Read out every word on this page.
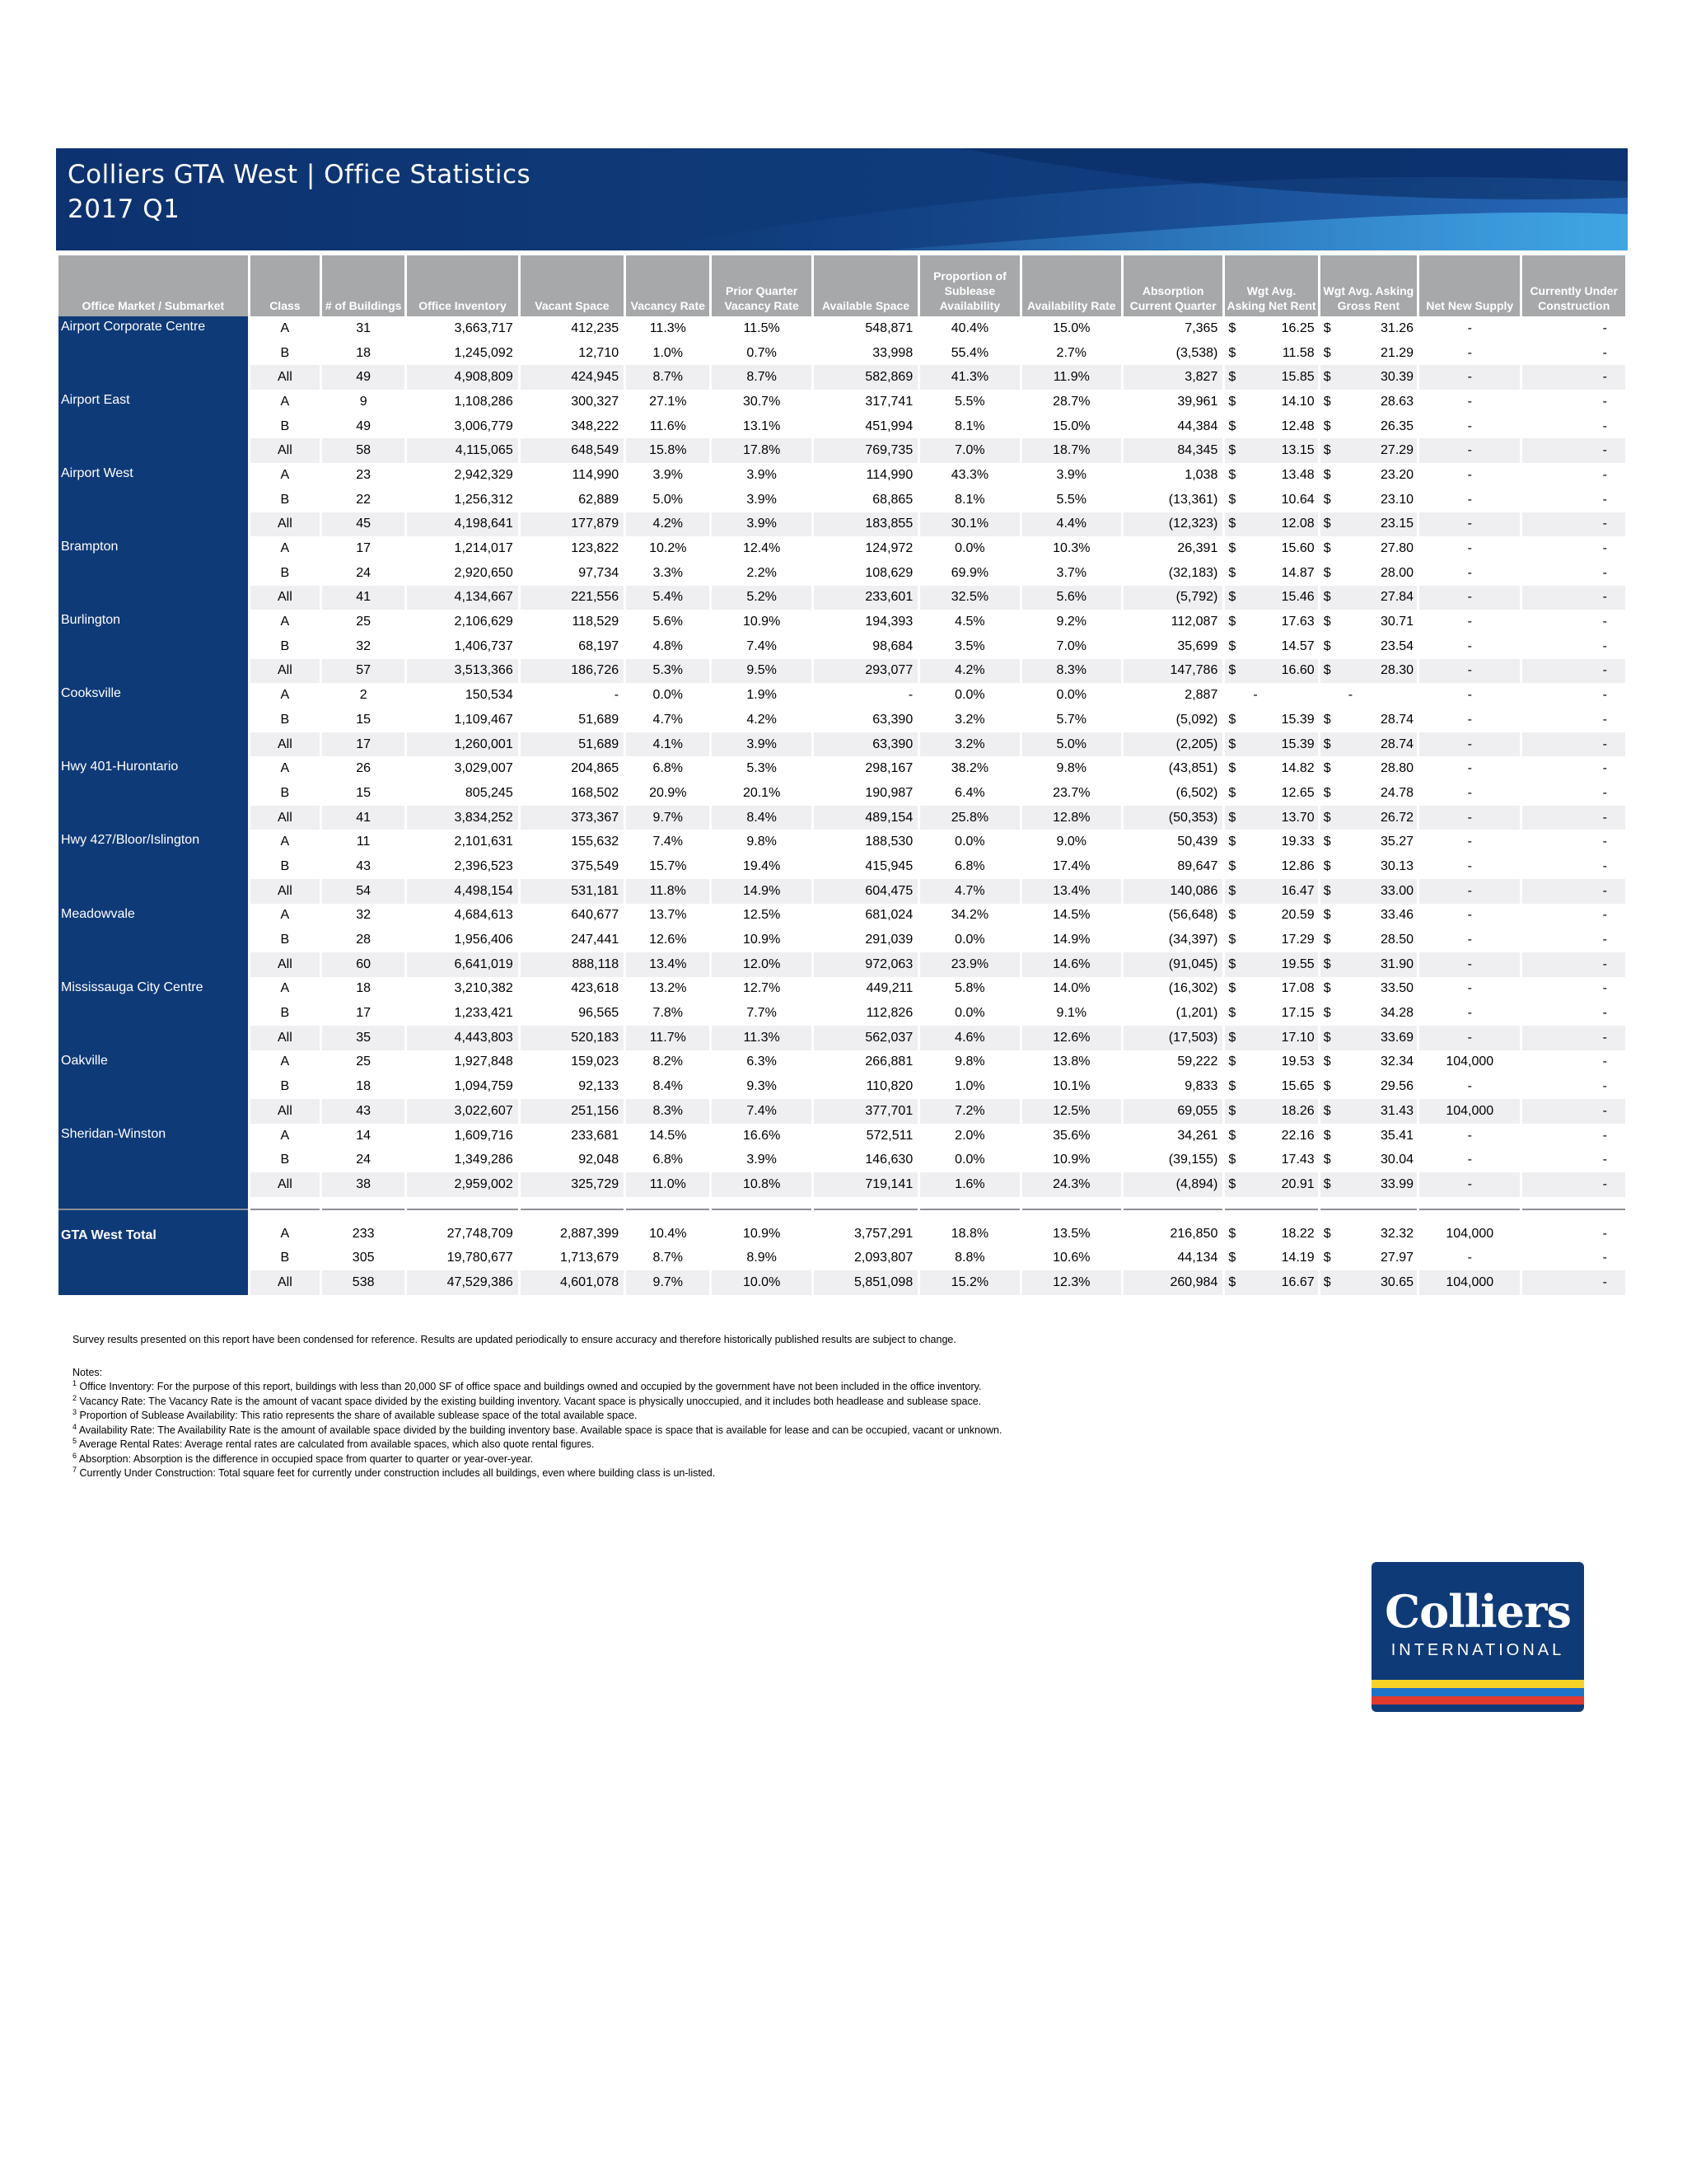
Colliers GTA West | Office Statistics
2017 Q1
Office Market / Submarket	Class	# of Buildings	Office Inventory	Vacant Space	Vacancy Rate	Prior Quarter Vacancy Rate	Available Space	Proportion of Sublease Availability	Availability Rate	Absorption Current Quarter	Wgt Avg. Asking Net Rent	Wgt Avg. Asking Gross Rent	Net New Supply	Currently Under Construction
Airport Corporate Centre	A	31	3,663,717	412,235	11.3%	11.5%	548,871	40.4%	15.0%	7,365	$ 16.25	$ 31.26	-	-
	B	18	1,245,092	12,710	1.0%	0.7%	33,998	55.4%	2.7%	(3,538)	$ 11.58	$ 21.29	-	-
	All	49	4,908,809	424,945	8.7%	8.7%	582,869	41.3%	11.9%	3,827	$ 15.85	$ 30.39	-	-
Airport East	A	9	1,108,286	300,327	27.1%	30.7%	317,741	5.5%	28.7%	39,961	$ 14.10	$ 28.63	-	-
	B	49	3,006,779	348,222	11.6%	13.1%	451,994	8.1%	15.0%	44,384	$ 12.48	$ 26.35	-	-
	All	58	4,115,065	648,549	15.8%	17.8%	769,735	7.0%	18.7%	84,345	$ 13.15	$ 27.29	-	-
Airport West	A	23	2,942,329	114,990	3.9%	3.9%	114,990	43.3%	3.9%	1,038	$ 13.48	$ 23.20	-	-
	B	22	1,256,312	62,889	5.0%	3.9%	68,865	8.1%	5.5%	(13,361)	$ 10.64	$ 23.10	-	-
	All	45	4,198,641	177,879	4.2%	3.9%	183,855	30.1%	4.4%	(12,323)	$ 12.08	$ 23.15	-	-
Brampton	A	17	1,214,017	123,822	10.2%	12.4%	124,972	0.0%	10.3%	26,391	$ 15.60	$ 27.80	-	-
	B	24	2,920,650	97,734	3.3%	2.2%	108,629	69.9%	3.7%	(32,183)	$ 14.87	$ 28.00	-	-
	All	41	4,134,667	221,556	5.4%	5.2%	233,601	32.5%	5.6%	(5,792)	$ 15.46	$ 27.84	-	-
Burlington	A	25	2,106,629	118,529	5.6%	10.9%	194,393	4.5%	9.2%	112,087	$ 17.63	$ 30.71	-	-
	B	32	1,406,737	68,197	4.8%	7.4%	98,684	3.5%	7.0%	35,699	$ 14.57	$ 23.54	-	-
	All	57	3,513,366	186,726	5.3%	9.5%	293,077	4.2%	8.3%	147,786	$ 16.60	$ 28.30	-	-
Cooksville	A	2	150,534	-	0.0%	1.9%	-	0.0%	0.0%	2,887	-	-	-	-
	B	15	1,109,467	51,689	4.7%	4.2%	63,390	3.2%	5.7%	(5,092)	$ 15.39	$ 28.74	-	-
	All	17	1,260,001	51,689	4.1%	3.9%	63,390	3.2%	5.0%	(2,205)	$ 15.39	$ 28.74	-	-
Hwy 401-Hurontario	A	26	3,029,007	204,865	6.8%	5.3%	298,167	38.2%	9.8%	(43,851)	$ 14.82	$ 28.80	-	-
	B	15	805,245	168,502	20.9%	20.1%	190,987	6.4%	23.7%	(6,502)	$ 12.65	$ 24.78	-	-
	All	41	3,834,252	373,367	9.7%	8.4%	489,154	25.8%	12.8%	(50,353)	$ 13.70	$ 26.72	-	-
Hwy 427/Bloor/Islington	A	11	2,101,631	155,632	7.4%	9.8%	188,530	0.0%	9.0%	50,439	$ 19.33	$ 35.27	-	-
	B	43	2,396,523	375,549	15.7%	19.4%	415,945	6.8%	17.4%	89,647	$ 12.86	$ 30.13	-	-
	All	54	4,498,154	531,181	11.8%	14.9%	604,475	4.7%	13.4%	140,086	$ 16.47	$ 33.00	-	-
Meadowvale	A	32	4,684,613	640,677	13.7%	12.5%	681,024	34.2%	14.5%	(56,648)	$ 20.59	$ 33.46	-	-
	B	28	1,956,406	247,441	12.6%	10.9%	291,039	0.0%	14.9%	(34,397)	$ 17.29	$ 28.50	-	-
	All	60	6,641,019	888,118	13.4%	12.0%	972,063	23.9%	14.6%	(91,045)	$ 19.55	$ 31.90	-	-
Mississauga City Centre	A	18	3,210,382	423,618	13.2%	12.7%	449,211	5.8%	14.0%	(16,302)	$ 17.08	$ 33.50	-	-
	B	17	1,233,421	96,565	7.8%	7.7%	112,826	0.0%	9.1%	(1,201)	$ 17.15	$ 34.28	-	-
	All	35	4,443,803	520,183	11.7%	11.3%	562,037	4.6%	12.6%	(17,503)	$ 17.10	$ 33.69	-	-
Oakville	A	25	1,927,848	159,023	8.2%	6.3%	266,881	9.8%	13.8%	59,222	$ 19.53	$ 32.34	104,000	-
	B	18	1,094,759	92,133	8.4%	9.3%	110,820	1.0%	10.1%	9,833	$ 15.65	$ 29.56	-	-
	All	43	3,022,607	251,156	8.3%	7.4%	377,701	7.2%	12.5%	69,055	$ 18.26	$ 31.43	104,000	-
Sheridan-Winston	A	14	1,609,716	233,681	14.5%	16.6%	572,511	2.0%	35.6%	34,261	$ 22.16	$ 35.41	-	-
	B	24	1,349,286	92,048	6.8%	3.9%	146,630	0.0%	10.9%	(39,155)	$ 17.43	$ 30.04	-	-
	All	38	2,959,002	325,729	11.0%	10.8%	719,141	1.6%	24.3%	(4,894)	$ 20.91	$ 33.99	-	-

GTA West Total	A	233	27,748,709	2,887,399	10.4%	10.9%	3,757,291	18.8%	13.5%	216,850	$ 18.22	$ 32.32	104,000	-
	B	305	19,780,677	1,713,679	8.7%	8.9%	2,093,807	8.8%	10.6%	44,134	$ 14.19	$ 27.97	-	-
	All	538	47,529,386	4,601,078	9.7%	10.0%	5,851,098	15.2%	12.3%	260,984	$ 16.67	$ 30.65	104,000	-

Survey results presented on this report have been condensed for reference. Results are updated periodically to ensure accuracy and therefore historically published results are subject to change.

Notes:

$^1$ Office Inventory: For the purpose of this report, buildings with less than 20,000 SF of office space and buildings owned and occupied by the government have not been included in the office inventory.

$^2$ Vacancy Rate: The Vacancy Rate is the amount of vacant space divided by the existing building inventory. Vacant space is physically unoccupied, and it includes both headlease and sublease space.

$^3$ Proportion of Sublease Availability: This ratio represents the share of available sublease space of the total available space.

$^4$ Availability Rate: The Availability Rate is the amount of available space divided by the building inventory base. Available space is space that is available for lease and can be occupied, vacant or unknown.

$^5$ Average Rental Rates: Average rental rates are calculated from available spaces, which also quote rental figures.

$^6$ Absorption: Absorption is the difference in occupied space from quarter to quarter or year-over-year.

$^7$ Currently Under Construction: Total square feet for currently under construction includes all buildings, even where building class is un-listed.

Colliers
INTERNATIONAL
